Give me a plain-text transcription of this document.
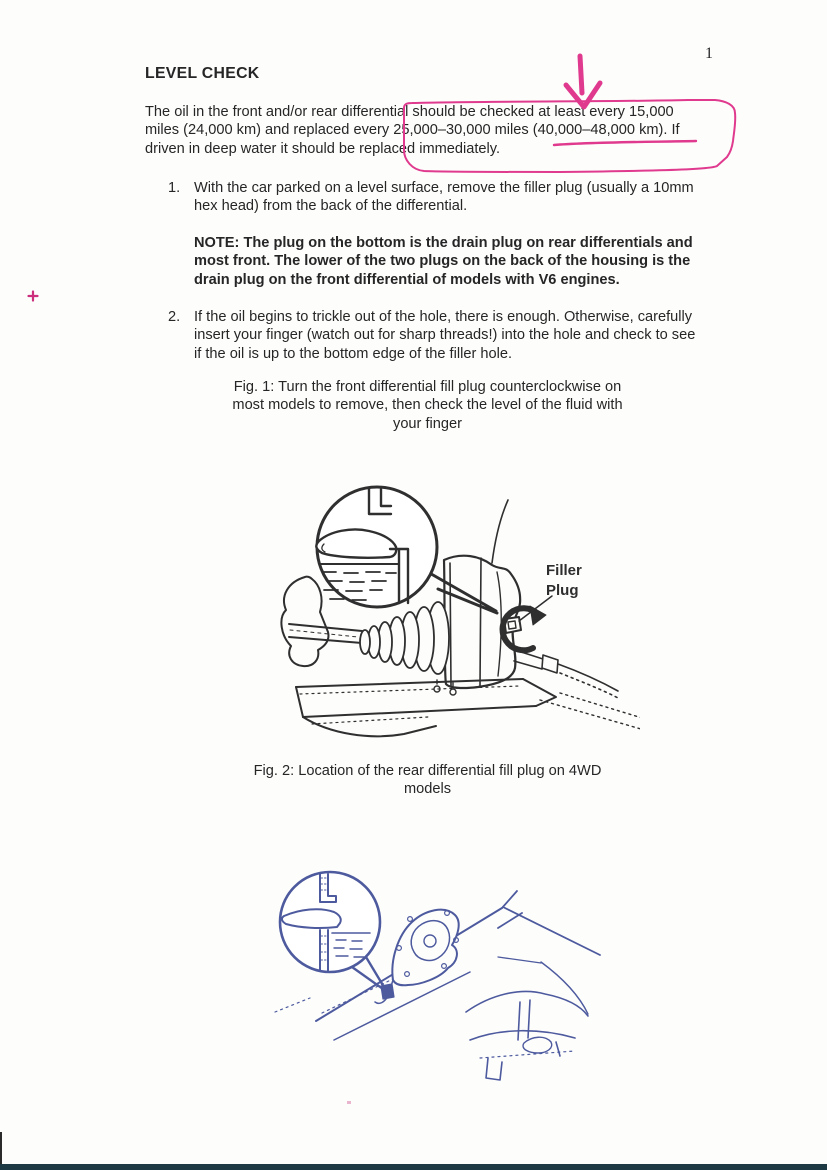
1
LEVEL CHECK
The oil in the front and/or rear differential should be checked at least every 15,000
miles (24,000 km) and replaced every 25,000–30,000 miles (40,000–48,000 km). If
driven in deep water it should be replaced immediately.
1. With the car parked on a level surface, remove the filler plug (usually a 10mm
hex head) from the back of the differential.
NOTE: The plug on the bottom is the drain plug on rear differentials and
most front. The lower of the two plugs on the back of the housing is the
drain plug on the front differential of models with V6 engines.
2. If the oil begins to trickle out of the hole, there is enough. Otherwise, carefully
insert your finger (watch out for sharp threads!) into the hole and check to see
if the oil is up to the bottom edge of the filler hole.
Fig. 1: Turn the front differential fill plug counterclockwise on
most models to remove, then check the level of the fluid with
your finger
Filler
Plug
Fig. 2: Location of the rear differential fill plug on 4WD
models
